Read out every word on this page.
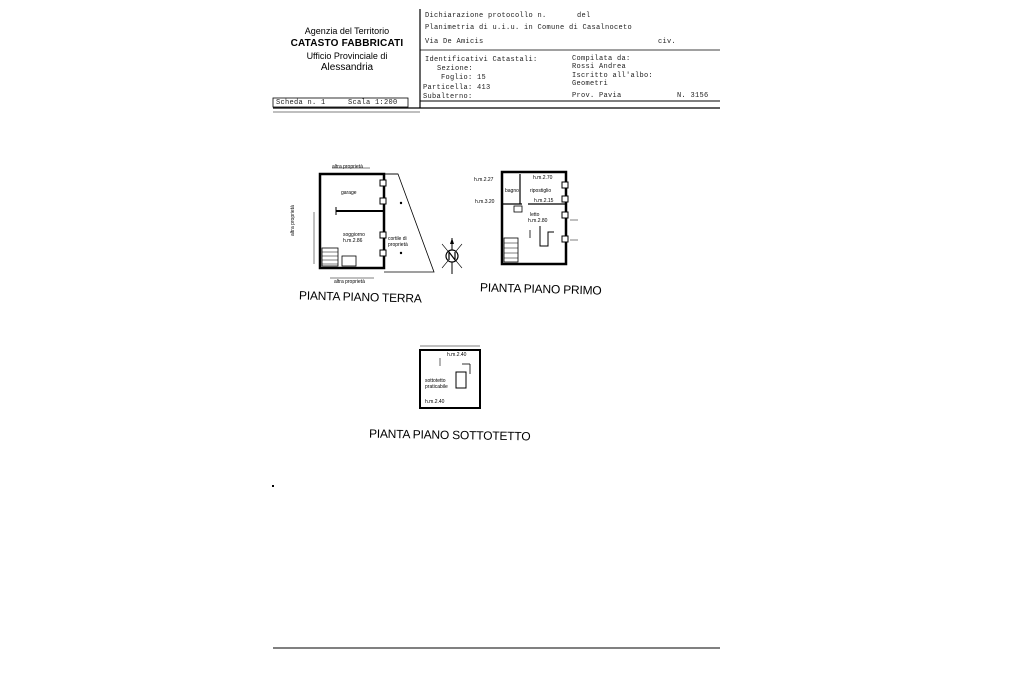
Agenzia del Territorio
CATASTO FABBRICATI
Ufficio Provinciale di
Alessandria
Dichiarazione protocollo n.	del
Planimetria di u.i.u. in Comune di Casalnoceto
Via De Amicis	civ.
Identificativi Catastali:
Sezione:
Foglio: 15
Particella: 413
Subalterno:
Compilata da:
Rossi Andrea
Iscritto all'albo:
Geometri
Prov. Pavia	N. 3156
Scheda n. 1	Scala 1:200
altra proprietà
garage
soggiorno
h.m.2.86	cortile di proprietà
altra proprietà
altra proprietà
PIANTA PIANO TERRA
h.m.2.27
h.m.3.20
bagno
h.m.2.70
ripostiglio
h.m.2.15
letto
h.m.2.80
PIANTA PIANO PRIMO
h.m.2.40
sottotetto praticabile
h.m.2.40
PIANTA PIANO SOTTOTETTO
